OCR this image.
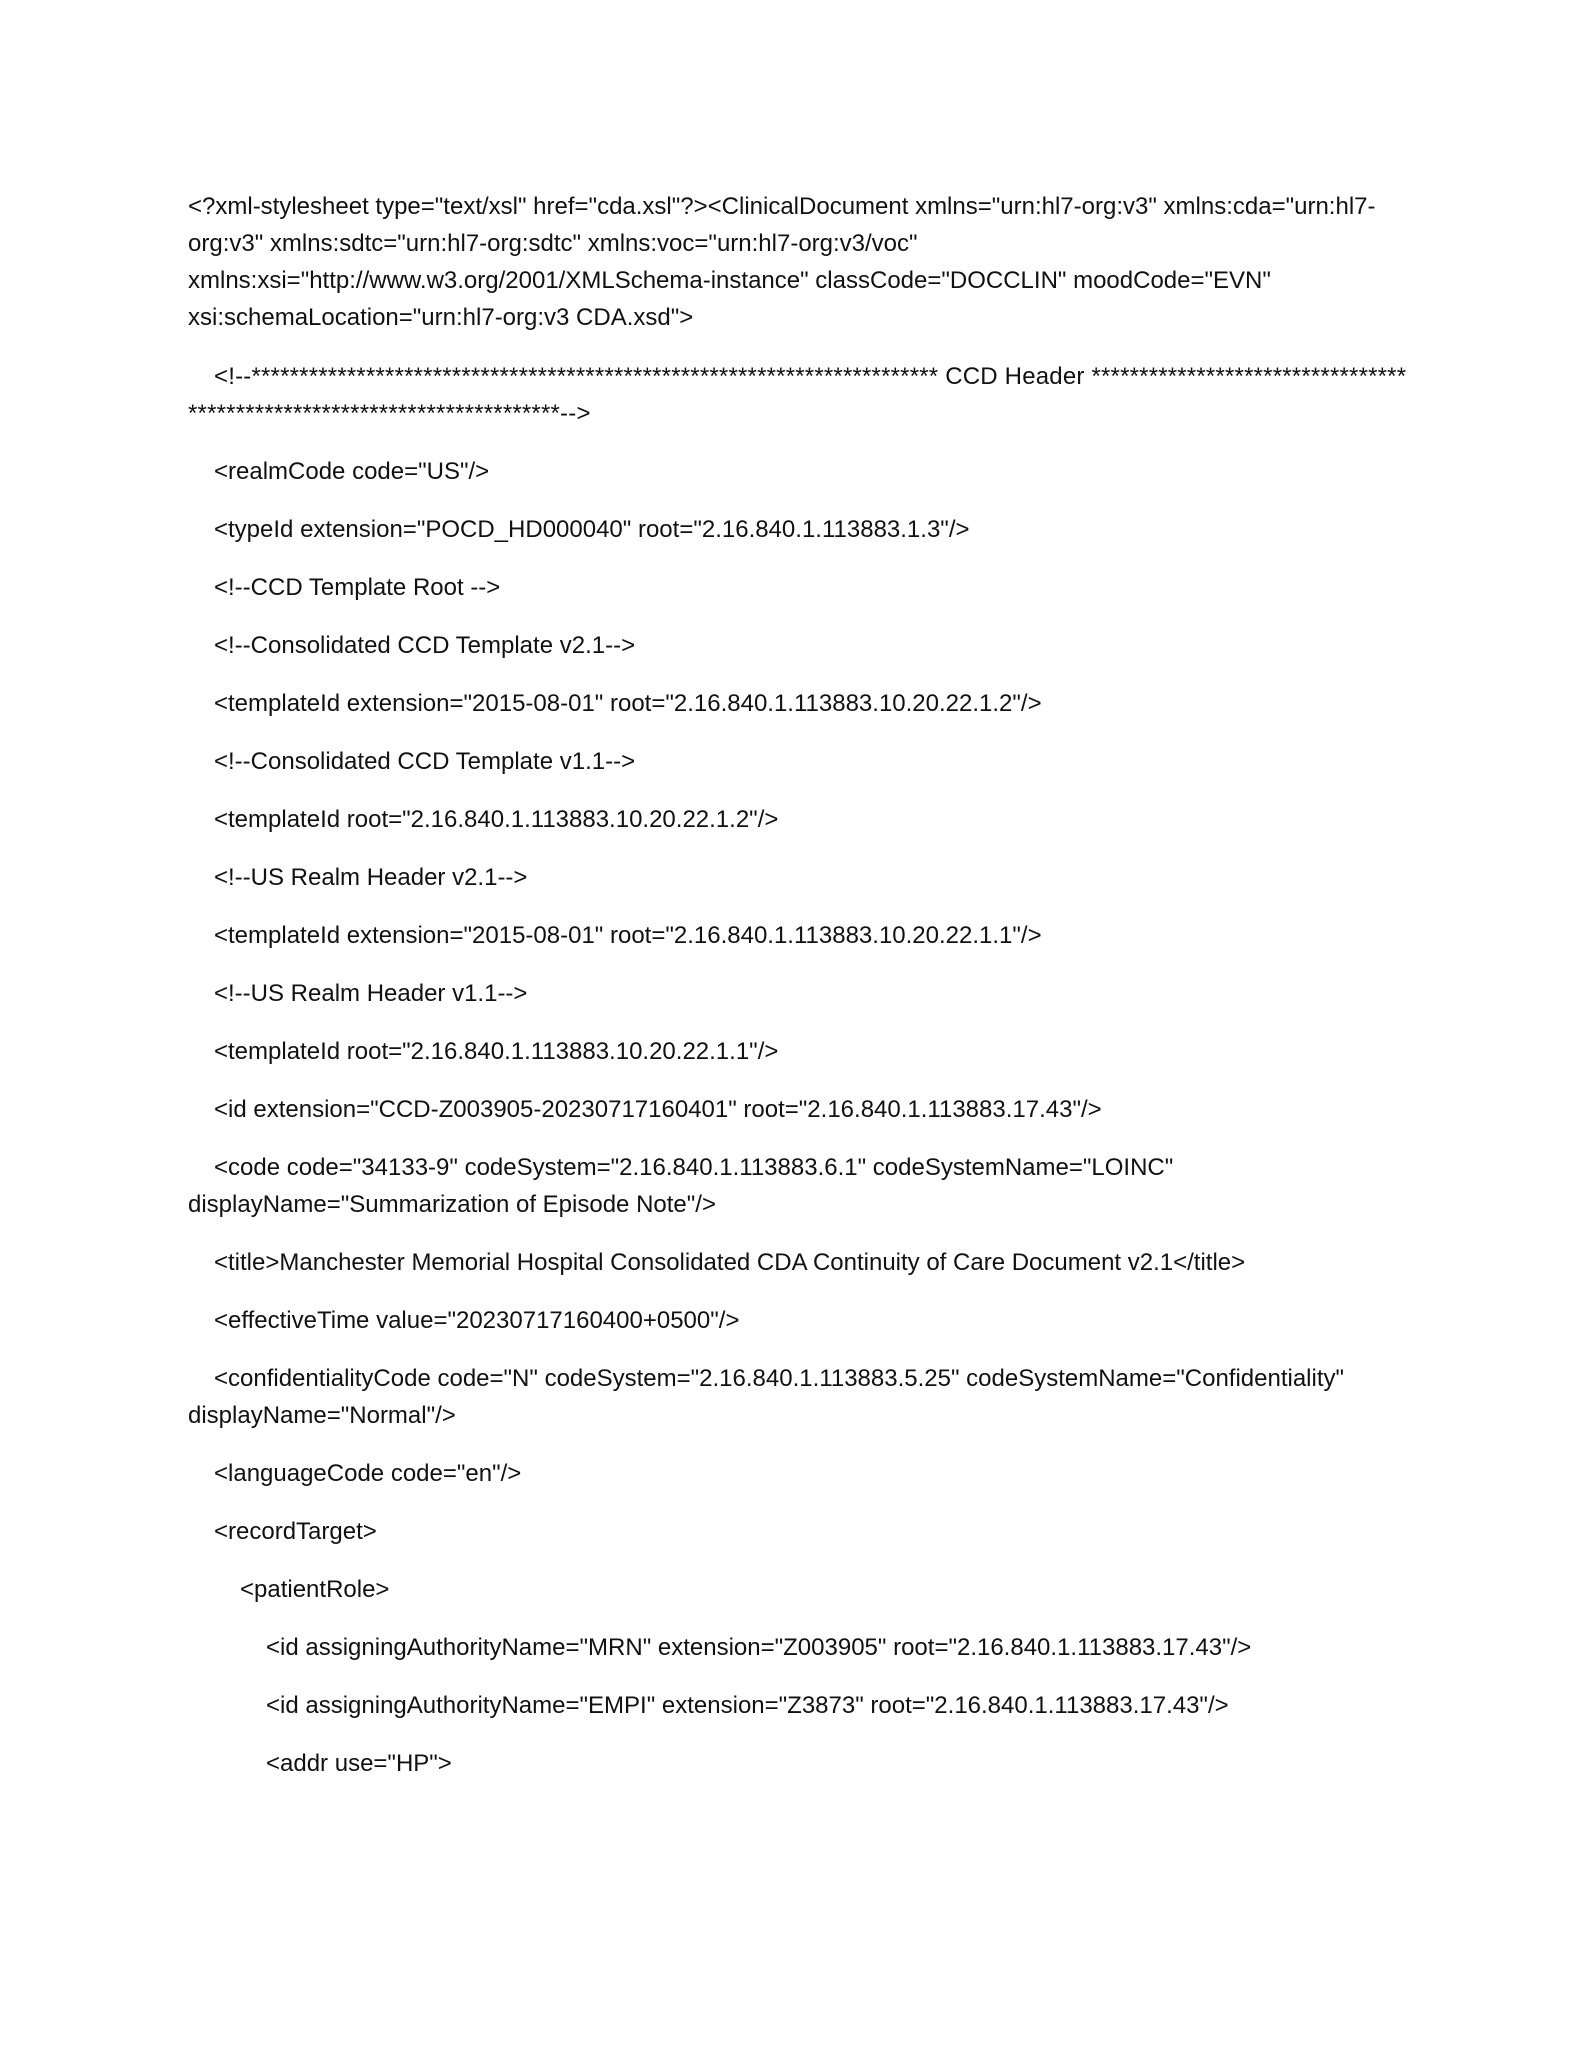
<?xml-stylesheet type="text/xsl" href="cda.xsl"?><ClinicalDocument xmlns="urn:hl7-org:v3" xmlns:cda="urn:hl7-org:v3" xmlns:sdtc="urn:hl7-org:sdtc" xmlns:voc="urn:hl7-org:v3/voc" xmlns:xsi="http://www.w3.org/2001/XMLSchema-instance" classCode="DOCCLIN" moodCode="EVN" xsi:schemaLocation="urn:hl7-org:v3 CDA.xsd">

<!--************************************************************************ CCD Header ************************************************************************-->

<realmCode code="US"/>

<typeId extension="POCD_HD000040" root="2.16.840.1.113883.1.3"/>

<!--CCD Template Root -->

<!--Consolidated CCD Template v2.1-->

<templateId extension="2015-08-01" root="2.16.840.1.113883.10.20.22.1.2"/>

<!--Consolidated CCD Template v1.1-->

<templateId root="2.16.840.1.113883.10.20.22.1.2"/>

<!--US Realm Header v2.1-->

<templateId extension="2015-08-01" root="2.16.840.1.113883.10.20.22.1.1"/>

<!--US Realm Header v1.1-->

<templateId root="2.16.840.1.113883.10.20.22.1.1"/>

<id extension="CCD-Z003905-20230717160401" root="2.16.840.1.113883.17.43"/>

<code code="34133-9" codeSystem="2.16.840.1.113883.6.1" codeSystemName="LOINC" displayName="Summarization of Episode Note"/>

<title>Manchester Memorial Hospital Consolidated CDA Continuity of Care Document v2.1</title>

<effectiveTime value="20230717160400+0500"/>

<confidentialityCode code="N" codeSystem="2.16.840.1.113883.5.25" codeSystemName="Confidentiality" displayName="Normal"/>

<languageCode code="en"/>

<recordTarget>

<patientRole>

<id assigningAuthorityName="MRN" extension="Z003905" root="2.16.840.1.113883.17.43"/>

<id assigningAuthorityName="EMPI" extension="Z3873" root="2.16.840.1.113883.17.43"/>

<addr use="HP">
